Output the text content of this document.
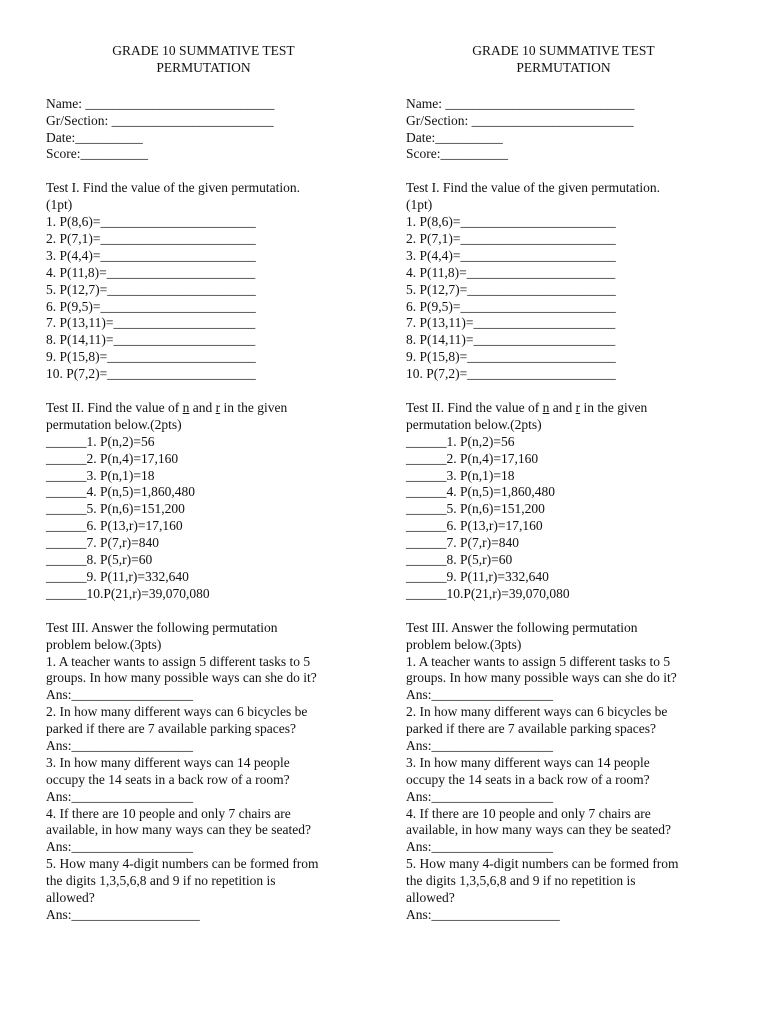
GRADE 10 SUMMATIVE TEST
PERMUTATION
Name: ____________________________
Gr/Section: ________________________
Date:__________
Score:__________
Test I. Find the value of the given permutation.
(1pt)
1. P(8,6)=_______________________
2. P(7,1)=_______________________
3. P(4,4)=_______________________
4. P(11,8)=______________________
5. P(12,7)=______________________
6. P(9,5)=_______________________
7. P(13,11)=_____________________
8. P(14,11)=_____________________
9. P(15,8)=______________________
10. P(7,2)=______________________
Test II. Find the value of n and r in the given
permutation below.(2pts)
______1. P(n,2)=56
______2. P(n,4)=17,160
______3. P(n,1)=18
______4. P(n,5)=1,860,480
______5. P(n,6)=151,200
______6. P(13,r)=17,160
______7. P(7,r)=840
______8. P(5,r)=60
______9. P(11,r)=332,640
______10.P(21,r)=39,070,080
Test III. Answer the following permutation
problem below.(3pts)
1. A teacher wants to assign 5 different tasks to 5
groups. In how many possible ways can she do it?
Ans:__________________
2. In how many different ways can 6 bicycles be
parked if there are 7 available parking spaces?
Ans:__________________
3. In how many different ways can 14 people
occupy the 14 seats in a back row of a room?
Ans:__________________
4. If there are 10 people and only 7 chairs are
available, in how many ways can they be seated?
Ans:__________________
5. How many 4-digit numbers can be formed from
the digits 1,3,5,6,8 and 9 if no repetition is
allowed?
Ans:___________________
GRADE 10 SUMMATIVE TEST
PERMUTATION
Name: ____________________________
Gr/Section: ________________________
Date:__________
Score:__________
Test I. Find the value of the given permutation.
(1pt)
1. P(8,6)=_______________________
2. P(7,1)=_______________________
3. P(4,4)=_______________________
4. P(11,8)=______________________
5. P(12,7)=______________________
6. P(9,5)=_______________________
7. P(13,11)=_____________________
8. P(14,11)=_____________________
9. P(15,8)=______________________
10. P(7,2)=______________________
Test II. Find the value of n and r in the given
permutation below.(2pts)
______1. P(n,2)=56
______2. P(n,4)=17,160
______3. P(n,1)=18
______4. P(n,5)=1,860,480
______5. P(n,6)=151,200
______6. P(13,r)=17,160
______7. P(7,r)=840
______8. P(5,r)=60
______9. P(11,r)=332,640
______10.P(21,r)=39,070,080
Test III. Answer the following permutation
problem below.(3pts)
1. A teacher wants to assign 5 different tasks to 5
groups. In how many possible ways can she do it?
Ans:__________________
2. In how many different ways can 6 bicycles be
parked if there are 7 available parking spaces?
Ans:__________________
3. In how many different ways can 14 people
occupy the 14 seats in a back row of a room?
Ans:__________________
4. If there are 10 people and only 7 chairs are
available, in how many ways can they be seated?
Ans:__________________
5. How many 4-digit numbers can be formed from
the digits 1,3,5,6,8 and 9 if no repetition is
allowed?
Ans:___________________
